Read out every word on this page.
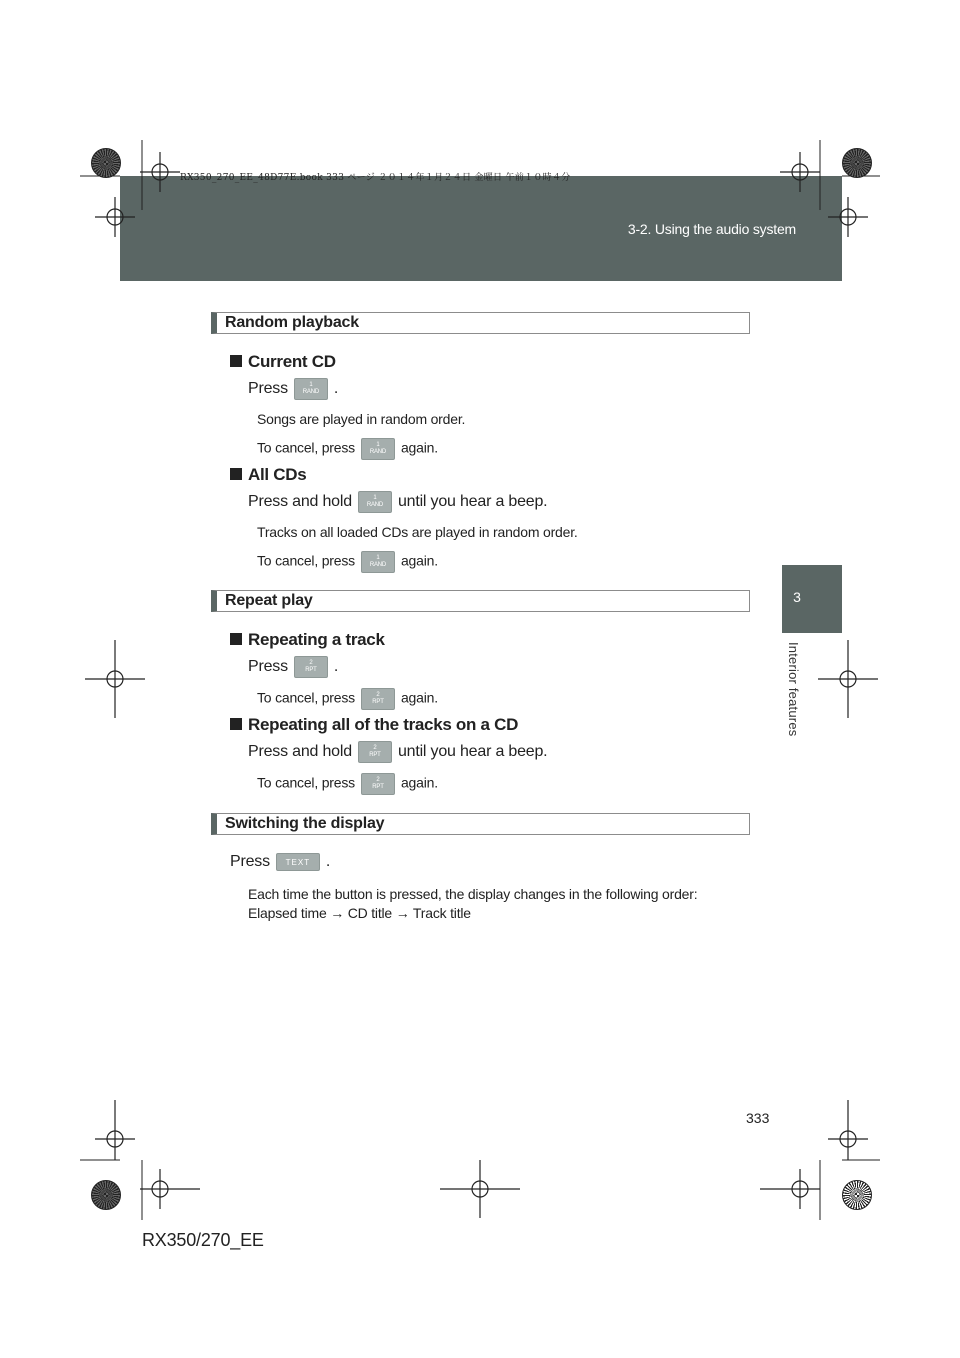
RX350_270_EE_48D77E.book 333 ページ ２０１４年１月２４日 金曜日 午前１０時４分
3-2. Using the audio system
3
Interior features
Random playback
Current CD
Press	1
RAND .
Songs are played in random order.
To cancel, press	1
RAND again.
All CDs
Press and hold	1
RAND until you hear a beep.
Tracks on all loaded CDs are played in random order.
To cancel, press	1
RAND again.
Repeat play
Repeating a track
Press	2
RPT .
To cancel, press	2
RPT again.
Repeating all of the tracks on a CD
Press and hold	2
RPT until you hear a beep.
To cancel, press	2
RPT again.
Switching the display
Press TEXT .
Each time the button is pressed, the display changes in the following order:
Elapsed time → CD title → Track title
333
RX350/270_EE
